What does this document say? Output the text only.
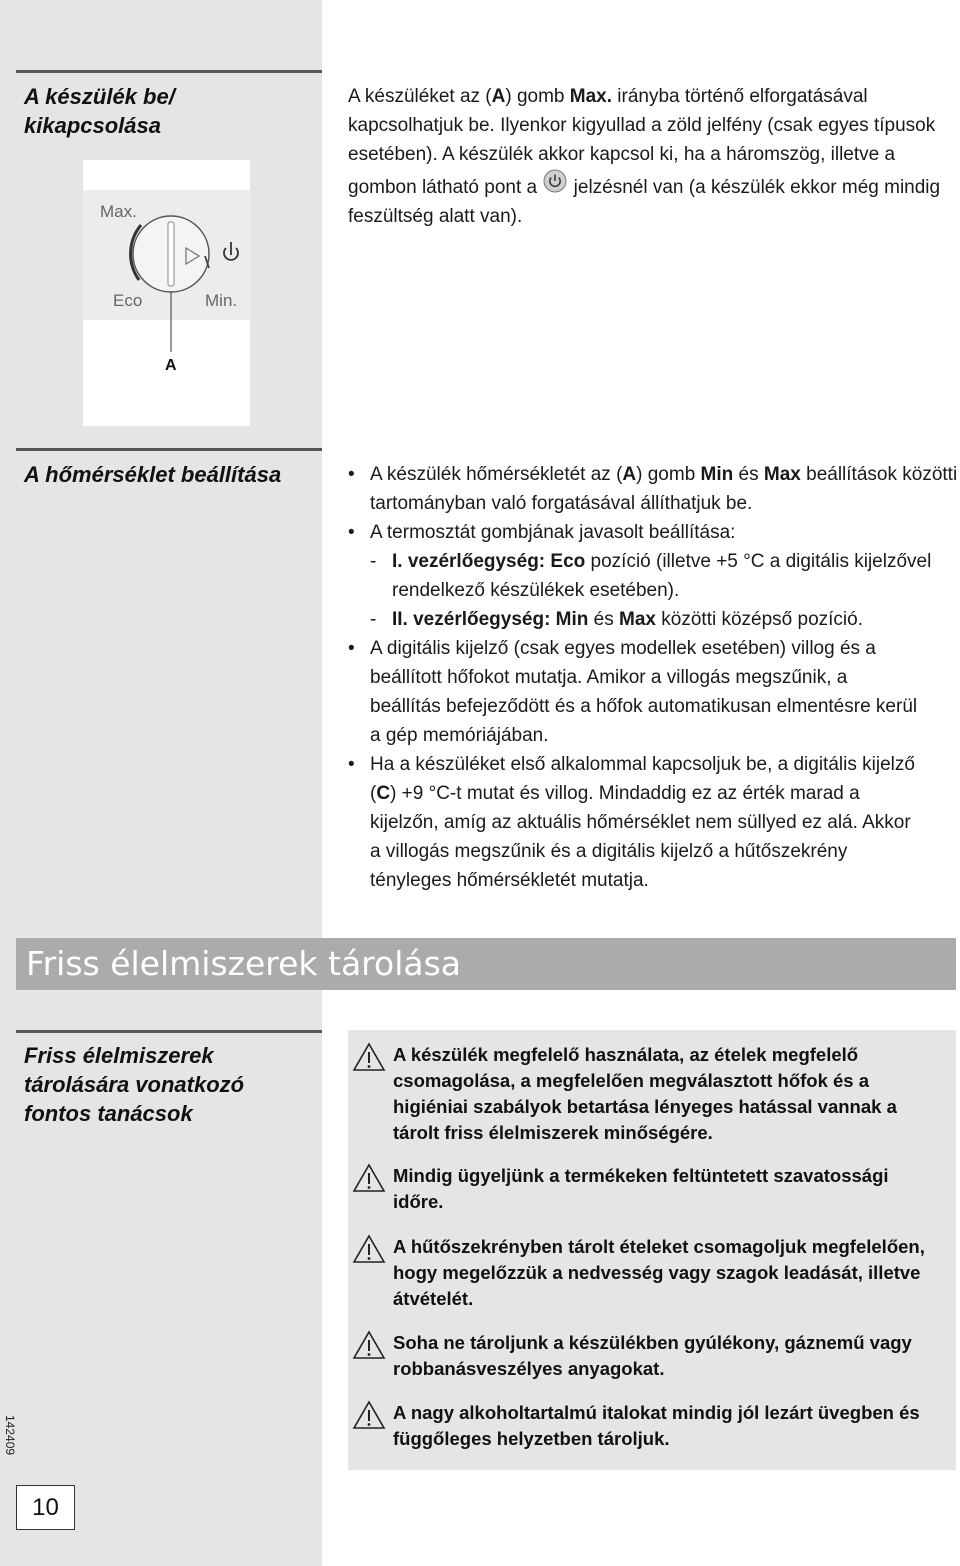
A készülék be/ kikapcsolása
A készüléket az (A) gomb Max. irányba történő elforgatásával kapcsolhatjuk be. Ilyenkor kigyullad a zöld jelfény (csak egyes típusok esetében). A készülék akkor kapcsol ki, ha a háromszög, illetve a gombon látható pont a  jelzésnél van (a készülék ekkor még mindig feszültség alatt van).
Max.
Eco	Min.
A
A hőmérséklet beállítása	• A készülék hőmérsékletét az (A) gomb Min és Max beállítások közötti tartományban való forgatásával állíthatjuk be.
• A termosztát gombjának javasolt beállítása:
- I. vezérlőegység: Eco pozíció (illetve +5 °C a digitális kijelzővel rendelkező készülékek esetében).
- II. vezérlőegység: Min és Max közötti középső pozíció.
• A digitális kijelző (csak egyes modellek esetében) villog és a beállított hőfokot mutatja. Amikor a villogás megszűnik, a beállítás befejeződött és a hőfok automatikusan elmentésre kerül a gép memóriájában.
• Ha a készüléket első alkalommal kapcsoljuk be, a digitális kijelző (C) +9 °C-t mutat és villog. Mindaddig ez az érték marad a kijelzőn, amíg az aktuális hőmérséklet nem süllyed ez alá. Akkor a villogás megszűnik és a digitális kijelző a hűtőszekrény tényleges hőmérsékletét mutatja.
Friss élelmiszerek tárolása
Friss élelmiszerek tárolására vonatkozó fontos tanácsok
A készülék megfelelő használata, az ételek megfelelő csomagolása, a megfelelően megválasztott hőfok és a higiéniai szabályok betartása lényeges hatással vannak a tárolt friss élelmiszerek minőségére.
Mindig ügyeljünk a termékeken feltüntetett szavatossági időre.
A hűtőszekrényben tárolt ételeket csomagoljuk megfelelően, hogy megelőzzük a nedvesség vagy szagok leadását, illetve átvételét.
Soha ne tároljunk a készülékben gyúlékony, gáznemű vagy robbanásveszélyes anyagokat.
A nagy alkoholtartalmú italokat mindig jól lezárt üvegben és függőleges helyzetben tároljuk.
142409
10
